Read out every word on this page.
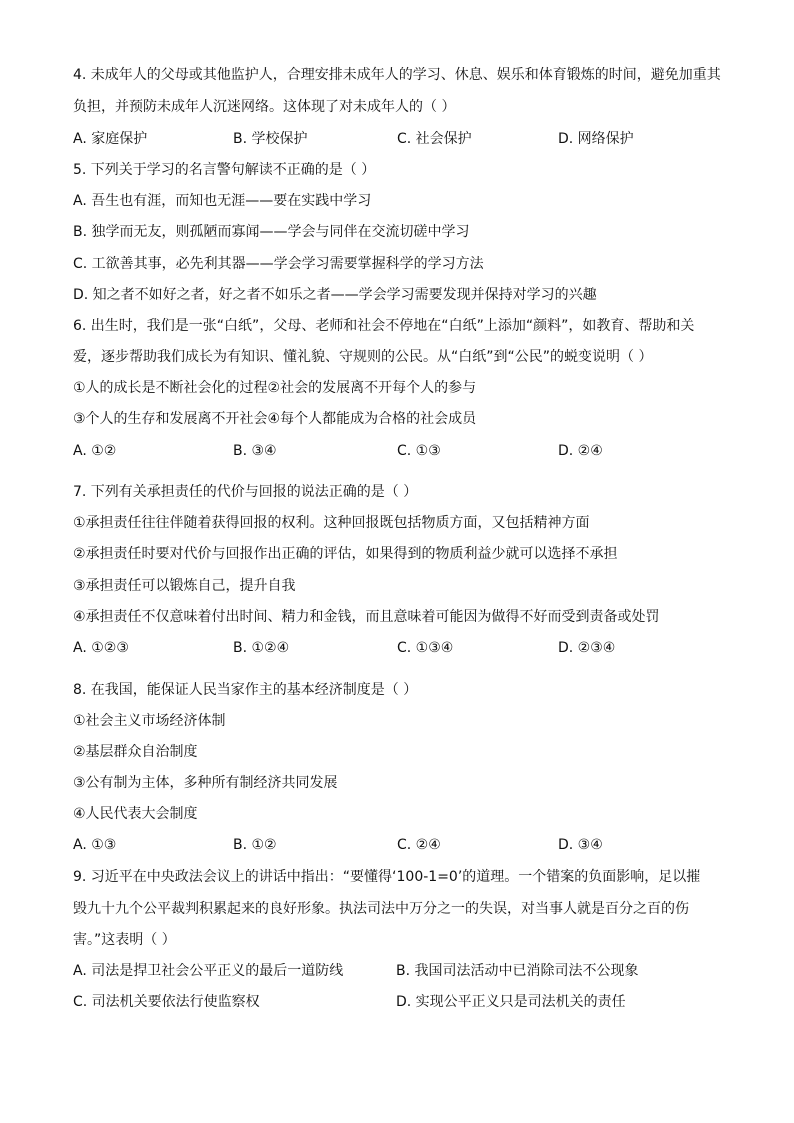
4. 未成年人的父母或其他监护人，合理安排未成年人的学习、休息、娱乐和体育锻炼的时间，避免加重其
负担，并预防未成年人沉迷网络。这体现了对未成年人的（ ）
A. 家庭保护	B. 学校保护	C. 社会保护	D. 网络保护
5. 下列关于学习的名言警句解读不正确的是（ ）
A. 吾生也有涯，而知也无涯——要在实践中学习
B. 独学而无友，则孤陋而寡闻——学会与同伴在交流切磋中学习
C. 工欲善其事，必先利其器——学会学习需要掌握科学的学习方法
D. 知之者不如好之者，好之者不如乐之者——学会学习需要发现并保持对学习的兴趣
6. 出生时，我们是一张“白纸”，父母、老师和社会不停地在“白纸”上添加“颜料”，如教育、帮助和关
爱，逐步帮助我们成长为有知识、懂礼貌、守规则的公民。从“白纸”到“公民”的蜕变说明（ ）
①人的成长是不断社会化的过程②社会的发展离不开每个人的参与
③个人的生存和发展离不开社会④每个人都能成为合格的社会成员
A. ①②	B. ③④	C. ①③	D. ②④
7. 下列有关承担责任的代价与回报的说法正确的是（ ）
①承担责任往往伴随着获得回报的权利。这种回报既包括物质方面，又包括精神方面
②承担责任时要对代价与回报作出正确的评估，如果得到的物质利益少就可以选择不承担
③承担责任可以锻炼自己，提升自我
④承担责任不仅意味着付出时间、精力和金钱，而且意味着可能因为做得不好而受到责备或处罚
A. ①②③	B. ①②④	C. ①③④	D. ②③④
8. 在我国，能保证人民当家作主的基本经济制度是（ ）
①社会主义市场经济体制
②基层群众自治制度
③公有制为主体，多种所有制经济共同发展
④人民代表大会制度
A. ①③	B. ①②	C. ②④	D. ③④
9. 习近平在中央政法会议上的讲话中指出：“要懂得‘100-1=0’的道理。一个错案的负面影响，足以摧
毁九十九个公平裁判积累起来的良好形象。执法司法中万分之一的失误，对当事人就是百分之百的伤
害。”这表明（ ）
A. 司法是捍卫社会公平正义的最后一道防线	B. 我国司法活动中已消除司法不公现象
C. 司法机关要依法行使监察权	D. 实现公平正义只是司法机关的责任
